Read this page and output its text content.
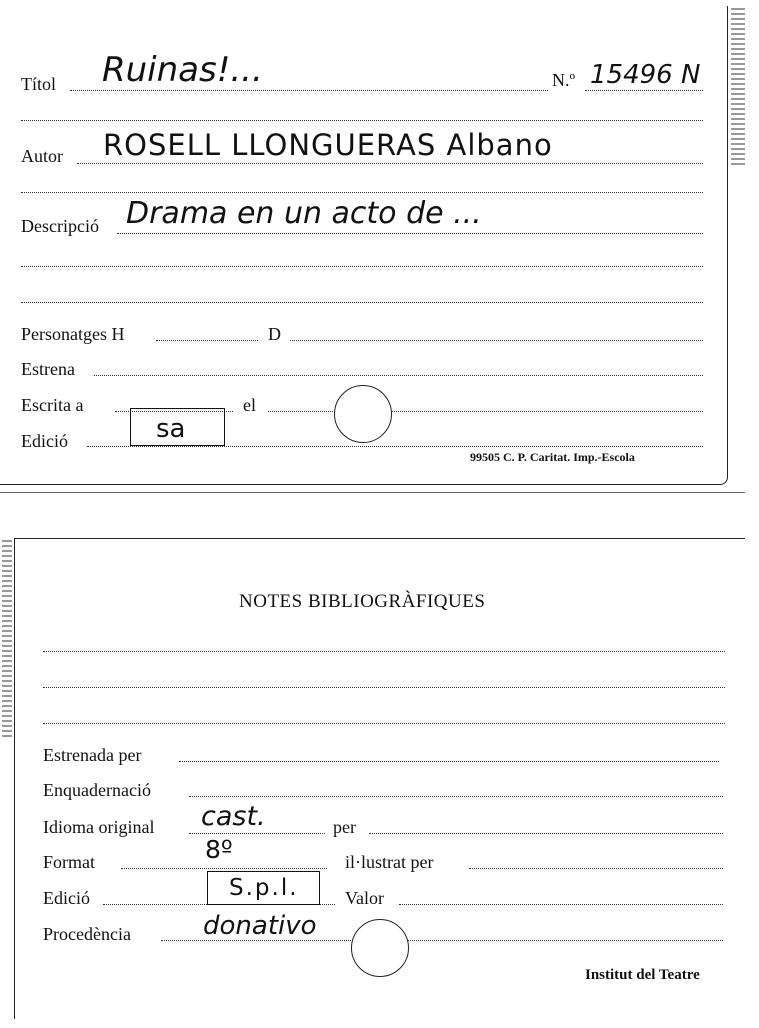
Títol Ruinas!...	N.º 15496 N
Autor ROSELL LLONGUERAS Albano
Descripció Drama en un acto de ...
Personatges H	D
Estrena
Escrita a	el
Edició	sa
99505 C. P. Caritat. Imp.-Escola
NOTES BIBLIOGRÀFIQUES
Estrenada per
Enquadernació
Idioma original cast.	per
Format	8º	il·lustrat per
Edició	S.p.l.	Valor
Procedència	donativo
Institut del Teatre
